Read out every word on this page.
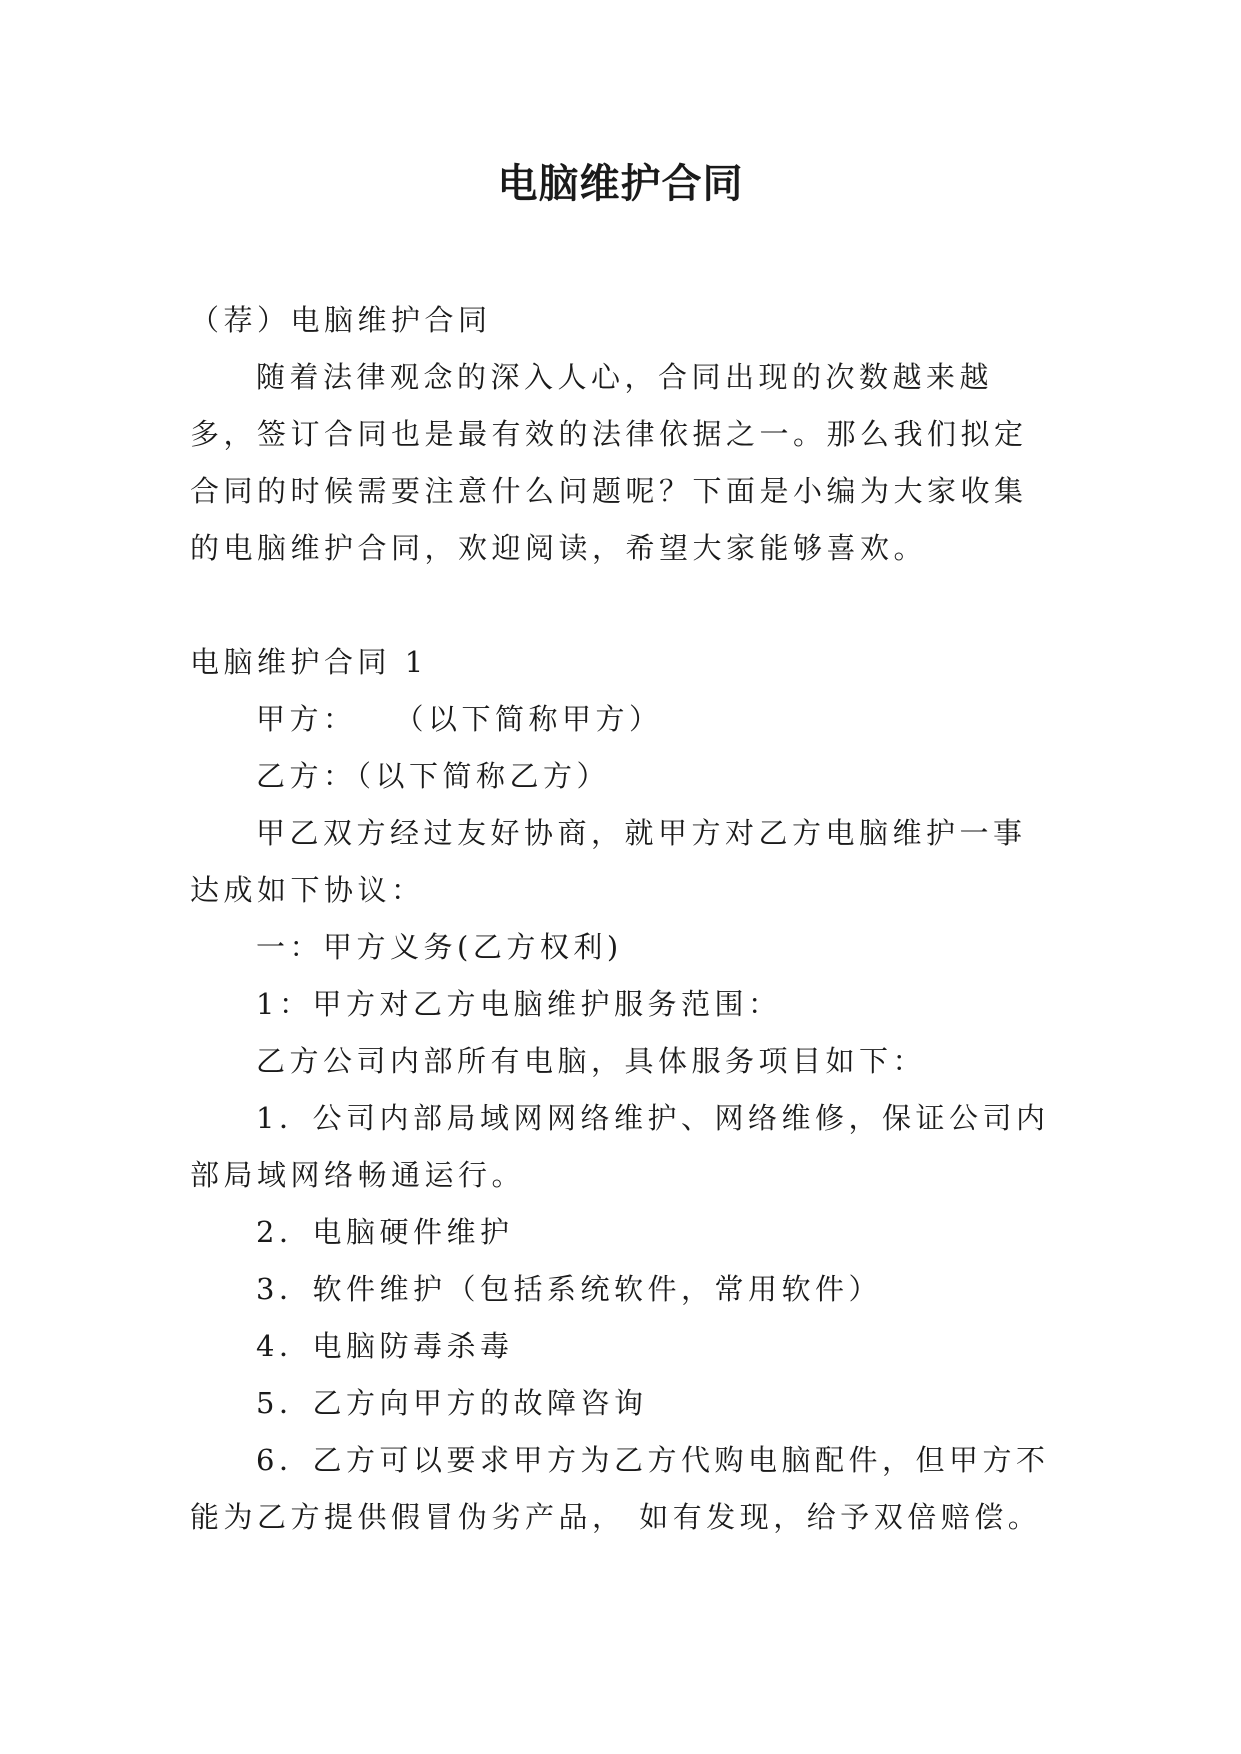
电脑维护合同

（荐）电脑维护合同

随着法律观念的深入人心，合同出现的次数越来越多，签订合同也是最有效的法律依据之一。那么我们拟定合同的时候需要注意什么问题呢？下面是小编为大家收集的电脑维护合同，欢迎阅读，希望大家能够喜欢。

电脑维护合同 1

甲方：　　（以下简称甲方）

乙方：（以下简称乙方）

甲乙双方经过友好协商，就甲方对乙方电脑维护一事达成如下协议：

一：甲方义务(乙方权利)

1：甲方对乙方电脑维护服务范围：

乙方公司内部所有电脑，具体服务项目如下：

1．公司内部局域网网络维护、网络维修，保证公司内部局域网络畅通运行。

2．电脑硬件维护

3．软件维护（包括系统软件，常用软件）

4．电脑防毒杀毒

5．乙方向甲方的故障咨询

6．乙方可以要求甲方为乙方代购电脑配件，但甲方不能为乙方提供假冒伪劣产品， 如有发现，给予双倍赔偿。
